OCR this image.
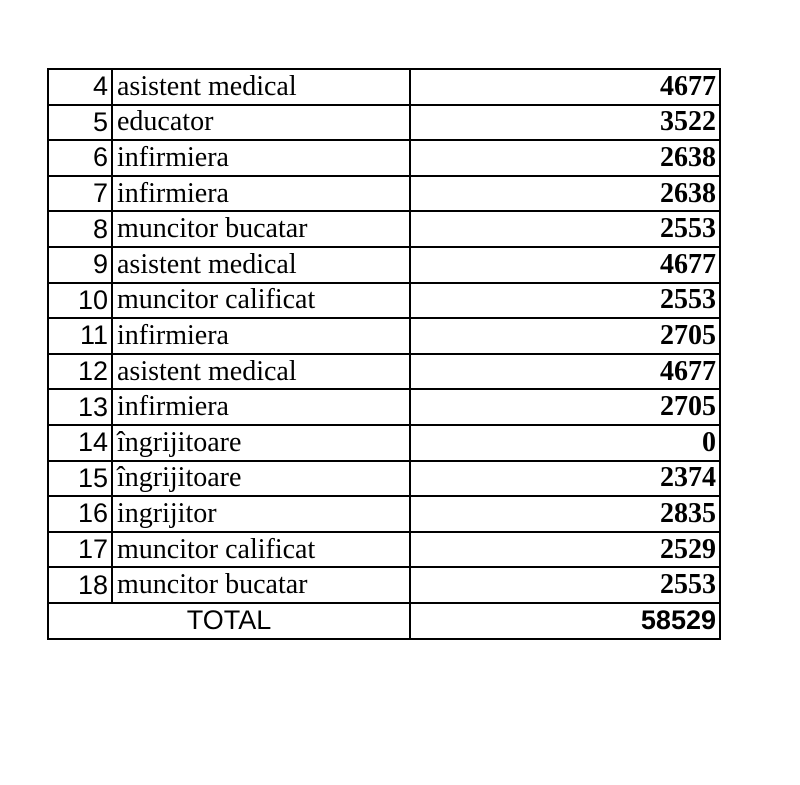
4	asistent medical	4677
5	educator	3522
6	infirmiera	2638
7	infirmiera	2638
8	muncitor bucatar	2553
9	asistent medical	4677
10	muncitor calificat	2553
11	infirmiera	2705
12	asistent medical	4677
13	infirmiera	2705
14	îngrijitoare	0
15	îngrijitoare	2374
16	ingrijitor	2835
17	muncitor calificat	2529
18	muncitor bucatar	2553
TOTAL		58529
